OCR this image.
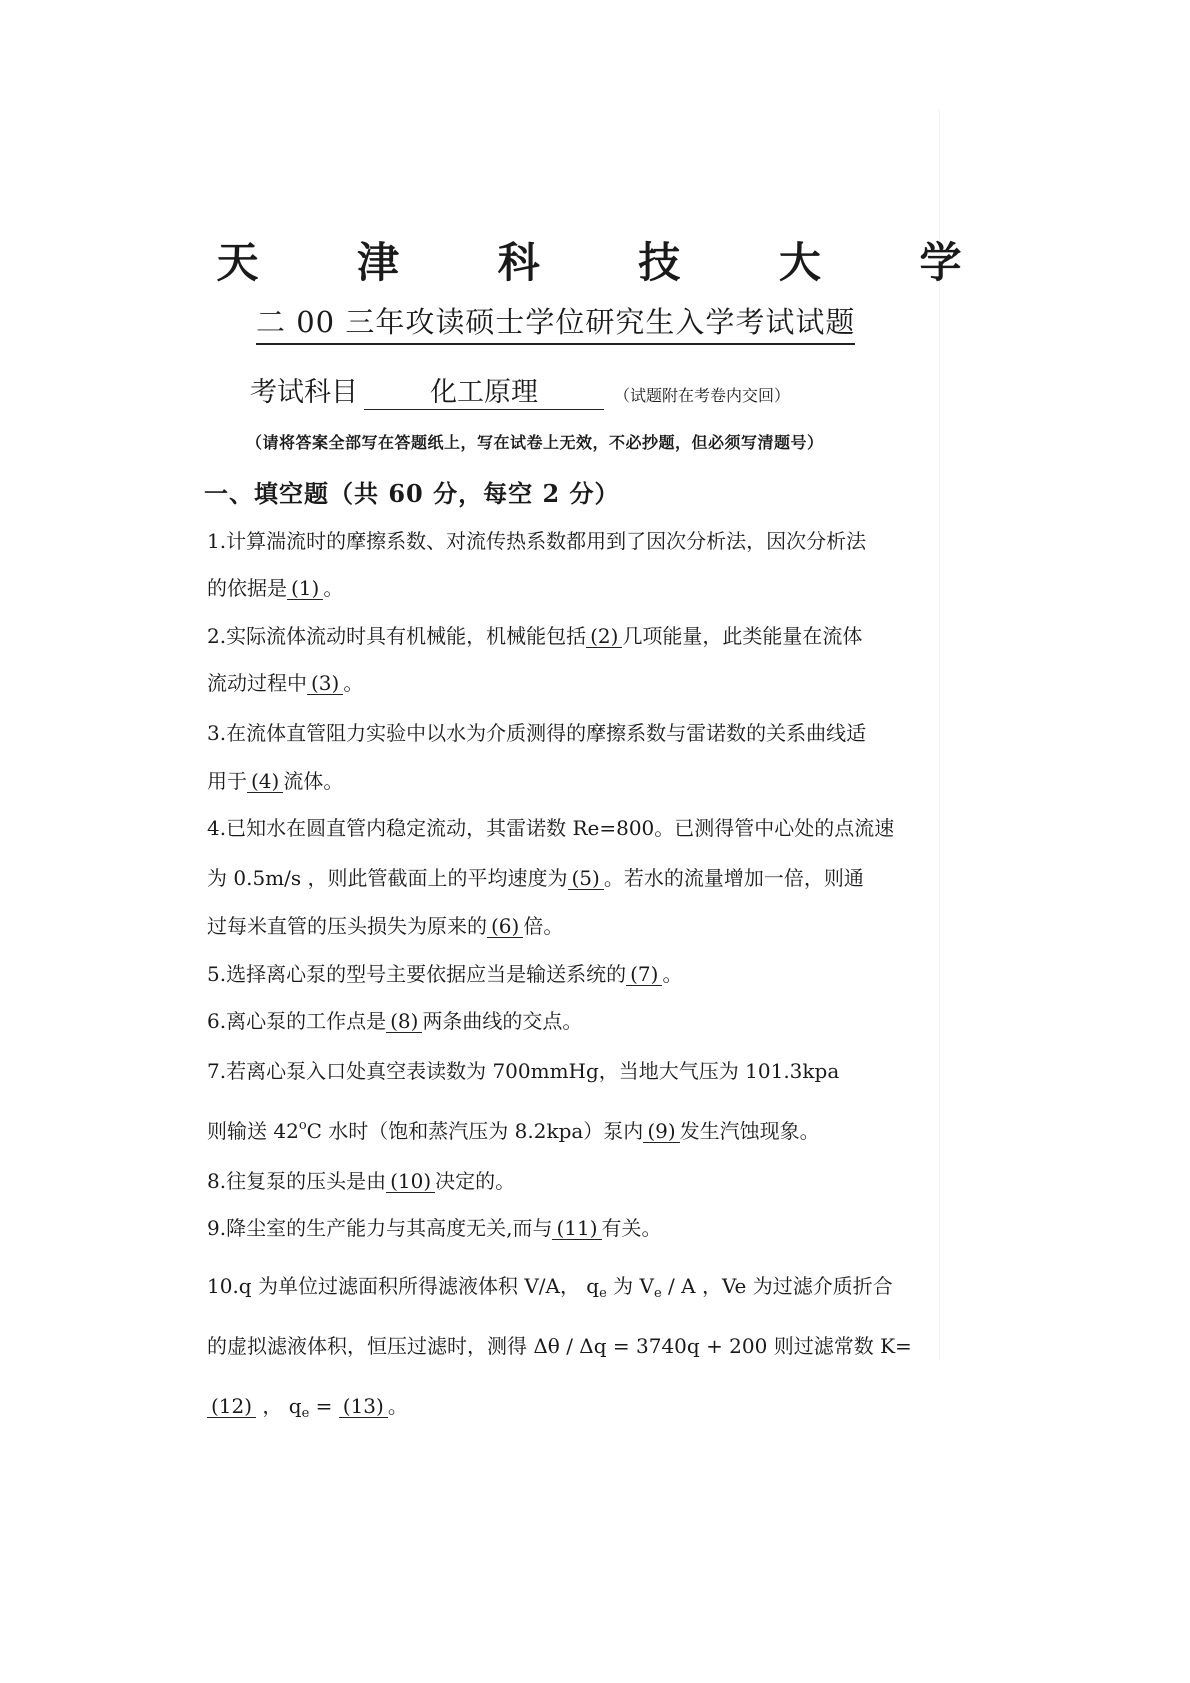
天 津 科 技 大 学
二 00 三年攻读硕士学位研究生入学考试试题
考试科目	化工原理	（试题附在考卷内交回）
（请将答案全部写在答题纸上，写在试卷上无效，不必抄题，但必须写清题号）
一、填空题（共 60 分，每空 2 分）
1.计算湍流时的摩擦系数、对流传热系数都用到了因次分析法，因次分析法
的依据是 (1) 。
2.实际流体流动时具有机械能，机械能包括 (2) 几项能量，此类能量在流体
流动过程中 (3) 。
3.在流体直管阻力实验中以水为介质测得的摩擦系数与雷诺数的关系曲线适
用于 (4) 流体。
4.已知水在圆直管内稳定流动，其雷诺数 Re=800。已测得管中心处的点流速
为 0.5m/s ，则此管截面上的平均速度为 (5) 。若水的流量增加一倍，则通
过每米直管的压头损失为原来的 (6) 倍。
5.选择离心泵的型号主要依据应当是输送系统的 (7) 。
6.离心泵的工作点是 (8) 两条曲线的交点。
7.若离心泵入口处真空表读数为 700mmHg，当地大气压为 101.3kpa
则输送 42$^o$C 水时（饱和蒸汽压为 8.2kpa）泵内 (9) 发生汽蚀现象。
8.往复泵的压头是由 (10) 决定的。
9.降尘室的生产能力与其高度无关,而与 (11) 有关。
10.q 为单位过滤面积所得滤液体积 V/A， $q_e$ 为 $V_e$ / A ，Ve 为过滤介质折合
的虚拟滤液体积，恒压过滤时，测得 Δθ / Δq = 3740q + 200 则过滤常数 K=
(12) ， $q_e = (13)$ 。
